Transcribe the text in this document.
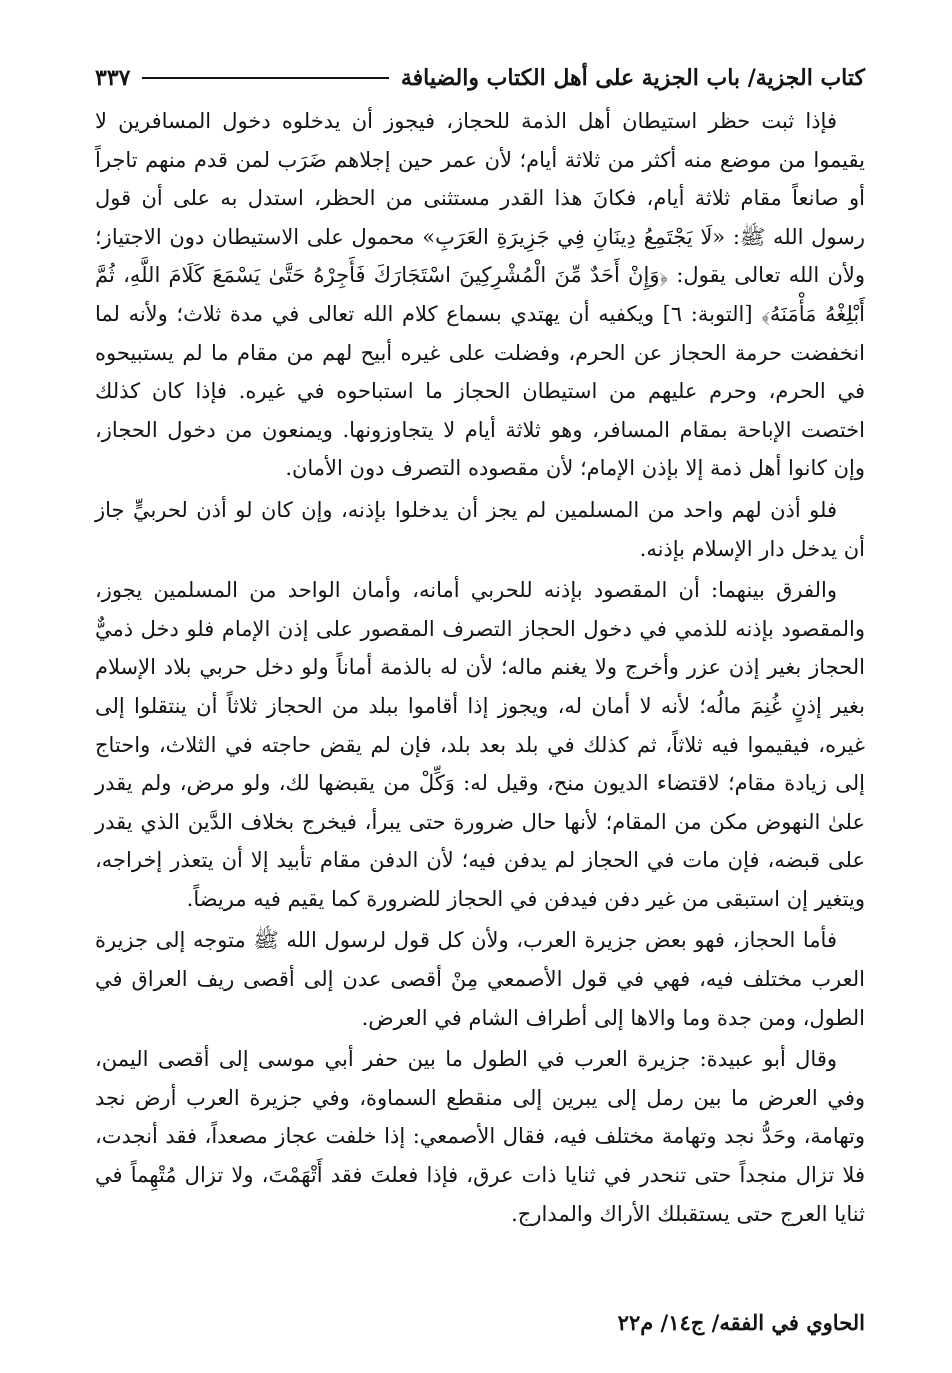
كتاب الجزية/ باب الجزية على أهل الكتاب والضيافة
٣٣٧

فإذا ثبت حظر استيطان أهل الذمة للحجاز، فيجوز أن يدخلوه دخول المسافرين لا يقيموا من موضع منه أكثر من ثلاثة أيام؛ لأن عمر حين إجلاهم ضَرَب لمن قدم منهم تاجراً أو صانعاً مقام ثلاثة أيام، فكانَ هذا القدر مستثنى من الحظر، استدل به على أن قول رسول الله ﷺ: «لَا يَجْتَمِعُ دِينَانِ فِي جَزِيرَةِ العَرَبِ» محمول على الاستيطان دون الاجتياز؛ ولأن الله تعالى يقول: ﴿وَإِنْ أَحَدٌ مِّنَ الْمُشْرِكِينَ اسْتَجَارَكَ فَأَجِرْهُ حَتَّىٰ يَسْمَعَ كَلَامَ اللَّهِ، ثُمَّ أَبْلِغْهُ مَأْمَنَهُ﴾ [التوبة: ٦] ويكفيه أن يهتدي بسماع كلام الله تعالى في مدة ثلاث؛ ولأنه لما انخفضت حرمة الحجاز عن الحرم، وفضلت على غيره أبيح لهم من مقام ما لم يستبيحوه في الحرم، وحرم عليهم من استيطان الحجاز ما استباحوه في غيره. فإذا كان كذلك اختصت الإباحة بمقام المسافر، وهو ثلاثة أيام لا يتجاوزونها. ويمنعون من دخول الحجاز، وإن كانوا أهل ذمة إلا بإذن الإمام؛ لأن مقصوده التصرف دون الأمان.

فلو أذن لهم واحد من المسلمين لم يجز أن يدخلوا بإذنه، وإن كان لو أذن لحربيٍّ جاز أن يدخل دار الإسلام بإذنه.

والفرق بينهما: أن المقصود بإذنه للحربي أمانه، وأمان الواحد من المسلمين يجوز، والمقصود بإذنه للذمي في دخول الحجاز التصرف المقصور على إذن الإمام فلو دخل ذميٌّ الحجاز بغير إذن عزر وأخرج ولا يغنم ماله؛ لأن له بالذمة أماناً ولو دخل حربي بلاد الإسلام بغير إذنٍ غُنِمَ مالُه؛ لأنه لا أمان له، ويجوز إذا أقاموا ببلد من الحجاز ثلاثاً أن ينتقلوا إلى غيره، فيقيموا فيه ثلاثاً، ثم كذلك في بلد بعد بلد، فإن لم يقض حاجته في الثلاث، واحتاج إلى زيادة مقام؛ لاقتضاء الديون منح، وقيل له: وَكِّلْ من يقبضها لك، ولو مرض، ولم يقدر علىٰ النهوض مكن من المقام؛ لأنها حال ضرورة حتى يبرأ، فيخرج بخلاف الدَّين الذي يقدر على قبضه، فإن مات في الحجاز لم يدفن فيه؛ لأن الدفن مقام تأبيد إلا أن يتعذر إخراجه، ويتغير إن استبقى من غير دفن فيدفن في الحجاز للضرورة كما يقيم فيه مريضاً.

فأما الحجاز، فهو بعض جزيرة العرب، ولأن كل قول لرسول الله ﷺ متوجه إلى جزيرة العرب مختلف فيه، فهي في قول الأصمعي مِنْ أقصى عدن إلى أقصى ريف العراق في الطول، ومن جدة وما والاها إلى أطراف الشام في العرض.

وقال أبو عبيدة: جزيرة العرب في الطول ما بين حفر أبي موسى إلى أقصى اليمن، وفي العرض ما بين رمل إلى يبرين إلى منقطع السماوة، وفي جزيرة العرب أرض نجد وتهامة، وحَدُّ نجد وتهامة مختلف فيه، فقال الأصمعي: إذا خلفت عجاز مصعداً، فقد أنجدت، فلا تزال منجداً حتى تنحدر في ثنايا ذات عرق، فإذا فعلتَ فقد أَتْهَمْتَ، ولا تزال مُتْهِماً في ثنايا العرج حتى يستقبلك الأراك والمدارج.

الحاوي في الفقه/ ج١٤/ م٢٢
